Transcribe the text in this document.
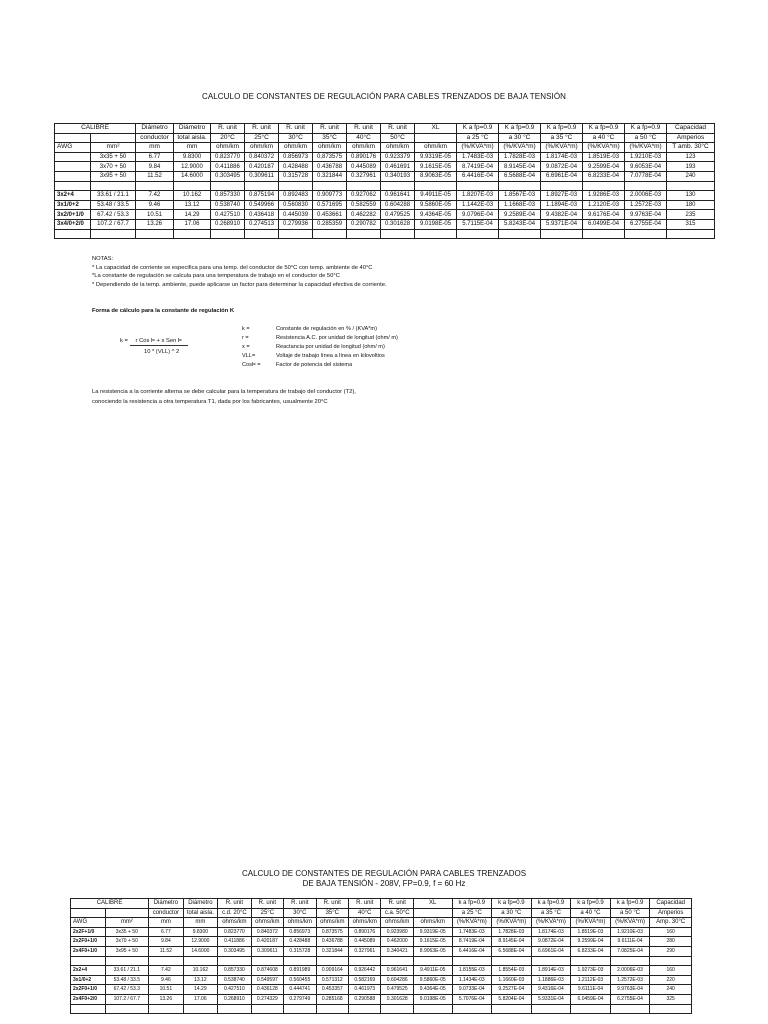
CALCULO DE CONSTANTES DE REGULACIÓN PARA CABLES TRENZADOS DE BAJA TENSIÓN
CALIBRE		Diámetro	Diámetro	R. unit	R. unit	R. unit	R. unit	R. unit	R. unit	XL	K a fp=0.9	K a fp=0.9	K a fp=0.9	K a fp=0.9	K a fp=0.9	Capacidad
		conductor	total aisla.	20°C	25°C	30°C	35°C	40°C	50°C		a 25 °C	a 30 °C	a 35 °C	a 40 °C	a 50 °C	Amperios
AWG	mm²	mm	mm	ohm/km	ohm/km	ohm/km	ohm/km	ohm/km	ohm/km	ohm/km	(%/KVA*m)	(%/KVA*m)	(%/KVA*m)	(%/KVA*m)	(%/KVA*m)	T amb. 30°C
	3x35 + 50	6.77	9.8300	0.823770	0.840372	0.856973	0.873575	0.890176	0.923379	9.9319E-05	1.7483E-03	1.7828E-03	1.8174E-03	1.8519E-03	1.9210E-03	123
	3x70 + 50	9.84	12.9000	0.411886	0.420187	0.428488	0.436788	0.445089	0.461691	9.1615E-05	8.7419E-04	8.9145E-04	9.0872E-04	9.2599E-04	9.6053E-04	193
	3x95 + 50	11.52	14.6000	0.303495	0.309611	0.315728	0.321844	0.327961	0.340193	8.9063E-05	6.4416E-04	6.5688E-04	6.6961E-04	6.8233E-04	7.0778E-04	240

3x2+4	33.61 / 21.1	7.42	10.162	0.857330	0.875194	0.892483	0.909773	0.927062	0.961641	9.4911E-05	1.8207E-03	1.8567E-03	1.8927E-03	1.9286E-03	2.0006E-03	130
3x1/0+2	53.48 / 33.5	9.46	13.12	0.538740	0.549966	0.560830	0.571695	0.582559	0.604288	9.5860E-05	1.1442E-03	1.1668E-03	1.1894E-03	1.2120E-03	1.2572E-03	180
3x2/0+1/0	67.42 / 53.3	10.51	14.29	0.427510	0.436418	0.445039	0.453661	0.462282	0.479525	9.4364E-05	9.0796E-04	9.2589E-04	9.4382E-04	9.6176E-04	9.9763E-04	235
3x4/0+2/0	107.2 / 67.7	13.26	17.06	0.268910	0.274513	0.279936	0.285359	0.290782	0.301628	9.0198E-05	5.7115E-04	5.8243E-04	5.9371E-04	6.0499E-04	6.2755E-04	315

NOTAS:
* La capacidad de corriente se especifica para una temp. del conductor de 50°C con temp. ambiente de 40°C
*La constante de regulación se calcula para una temperatura de trabajo en el conductor de 50°C
* Dependiendo de la temp. ambiente, puede aplicarse un factor para determinar la capacidad efectiva de corriente.
Forma de cálculo para la constante de regulación K
k = r Cos Þ + x Sen Þ
10 * (VLL) ^ 2
k =	Constante de regulación en % / (KVA*m)
r =	Resistencia A.C. por unidad de longitud (ohm/ m)
x =	Reactancia por unidad de longitud (ohm/ m)
VLL=	Voltaje de trabajo línea a línea en kilovoltios
CosÞ =	Factor de potencia del sistema
La resistencia a la corriente alterna se debe calcular para la temperatura de trabajo del conductor (T2),
conociendo la resistencia a otra temperatura T1, dada por los fabricantes, usualmente 20°C
CALCULO DE CONSTANTES DE REGULACIÓN PARA CABLES TRENZADOS
DE BAJA TENSIÓN - 208V, FP=0.9, f = 60 Hz
CALIBRE		Diámetro	Diámetro	R. unit	R. unit	R. unit	R. unit	R. unit	R. unit	XL	k a fp=0.9	k a fp=0.9	k a fp=0.9	k a fp=0.9	k a fp=0.9	Capacidad
		conductor	total aisla.	c.d. 20°C	25°C	30°C	35°C	40°C	c.a. 50°C		a 25 °C	a 30 °C	a 35 °C	a 40 °C	a 50 °C	Amperios
AWG	mm²	mm	mm	ohms/km	ohms/km	ohms/km	ohms/km	ohms/km	ohms/km	ohms/km	(%/KVA*m)	(%/KVA*m)	(%/KVA*m)	(%/KVA*m)	(%/KVA*m)	Amp. 30°C
2x2F+1/0	3x35 + 50	6.77	9.8300	0.823770	0.840372	0.856973	0.873575	0.890176	0.923980	9.9319E-05	1.7483E-03	1.7828E-03	1.8174E-03	1.8519E-03	1.9210E-03	160
2x2F0+1/0	3x70 + 50	9.84	12.9000	0.411886	0.420187	0.428488	0.436788	0.445089	0.462000	9.1615E-05	8.7419E-04	8.9145E-04	9.0872E-04	9.2599E-04	9.6111E-04	280
2x4F0+1/0	3x95 + 50	11.52	14.6000	0.303495	0.309611	0.315728	0.321844	0.327961	0.340421	8.9063E-05	6.4416E-04	6.5688E-04	6.6961E-04	6.8233E-04	7.0825E-04	290

2x2+4	33.61 / 21.1	7.42	10.162	0.857330	0.874608	0.891989	0.909164	0.926442	0.961641	9.4911E-05	1.8155E-03	1.8554E-03	1.8914E-03	1.9273E-03	2.0006E-03	160
3x1/0+2	53.48 / 33.5	9.46	13.12	0.538740	0.549597	0.560455	0.571312	0.582169	0.604286	9.5860E-05	1.1434E-03	1.1660E-03	1.1886E-03	1.2112E-03	1.2572E-03	220
2x2F0+1/0	67.42 / 53.3	10.51	14.29	0.427510	0.436128	0.444741	0.453357	0.461973	0.479525	9.4364E-05	9.0733E-04	9.2527E-04	9.4316E-04	9.6111E-04	9.9763E-04	240
2x4F0+2/0	107.2 / 67.7	13.26	17.06	0.268910	0.274329	0.279749	0.285168	0.290588	0.301628	9.0198E-05	5.7076E-04	5.8204E-04	5.9331E-04	6.0459E-04	6.2755E-04	325
